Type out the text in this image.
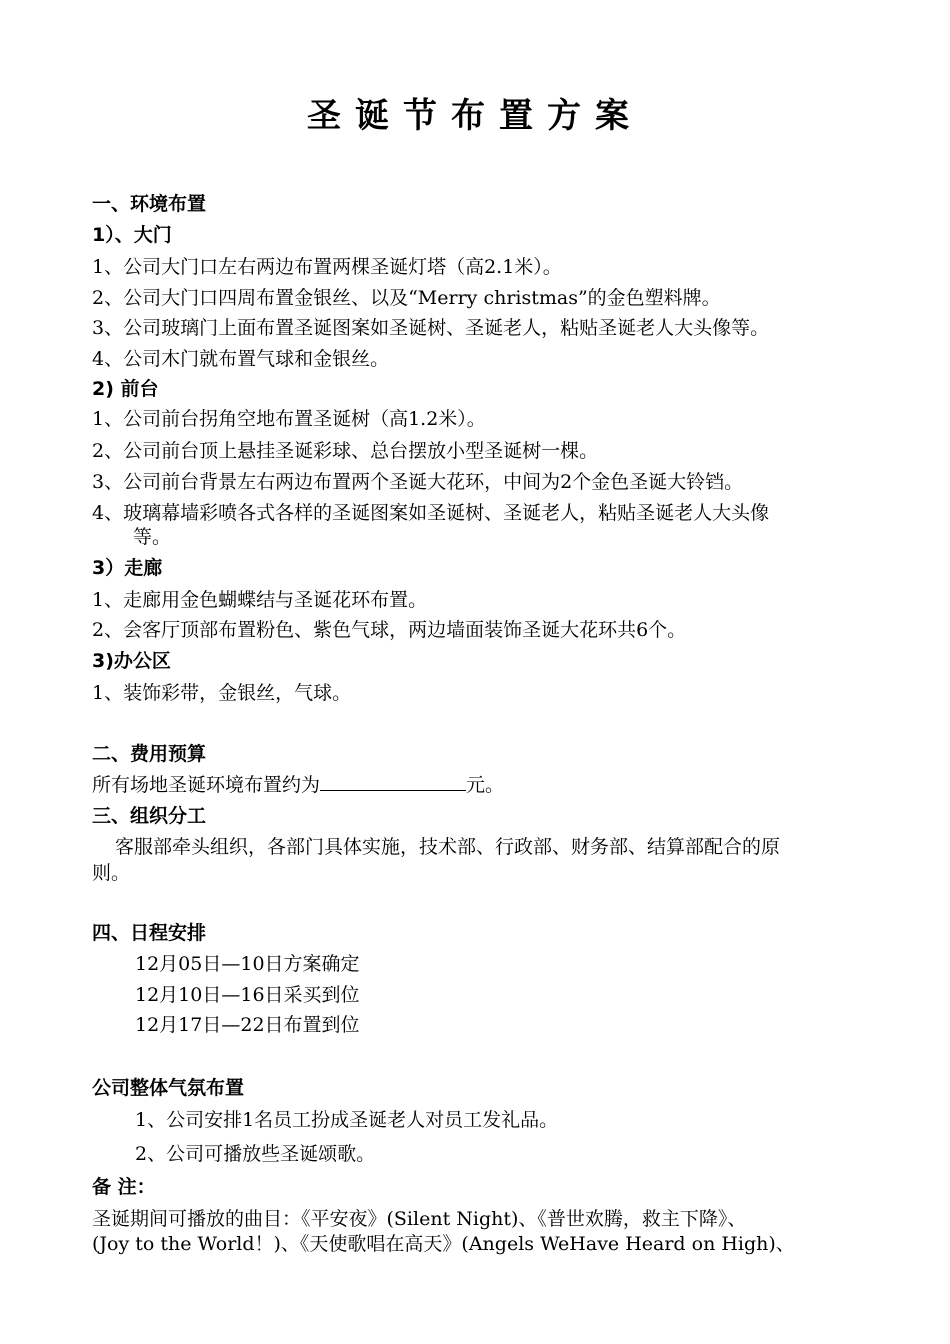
圣诞节布置方案
一、环境布置
1）、大门
1、公司大门口左右两边布置两棵圣诞灯塔（高2.1米）。
2、公司大门口四周布置金银丝、以及“Merry christmas”的金色塑料牌。
3、公司玻璃门上面布置圣诞图案如圣诞树、圣诞老人，粘贴圣诞老人大头像等。
4、公司木门就布置气球和金银丝。
2) 前台
1、公司前台拐角空地布置圣诞树（高1.2米）。
2、公司前台顶上悬挂圣诞彩球、总台摆放小型圣诞树一棵。
3、公司前台背景左右两边布置两个圣诞大花环，中间为2个金色圣诞大铃铛。
4、玻璃幕墙彩喷各式各样的圣诞图案如圣诞树、圣诞老人，粘贴圣诞老人大头像
等。
3）走廊
1、走廊用金色蝴蝶结与圣诞花环布置。
2、会客厅顶部布置粉色、紫色气球，两边墙面装饰圣诞大花环共6个。
3)办公区
1、装饰彩带，金银丝，气球。
二、费用预算
所有场地圣诞环境布置约为	元。
三、组织分工
客服部牵头组织，各部门具体实施，技术部、行政部、财务部、结算部配合的原
则。
四、日程安排
12月05日—10日方案确定
12月10日—16日采买到位
12月17日—22日布置到位
公司整体气氛布置
1、公司安排1名员工扮成圣诞老人对员工发礼品。
2、公司可播放些圣诞颂歌。
备 注：
圣诞期间可播放的曲目：《平安夜》(Silent Night)、《普世欢腾，救主下降》、
(Joy to the World！)、《天使歌唱在高天》(Angels WeHave Heard on High)、
